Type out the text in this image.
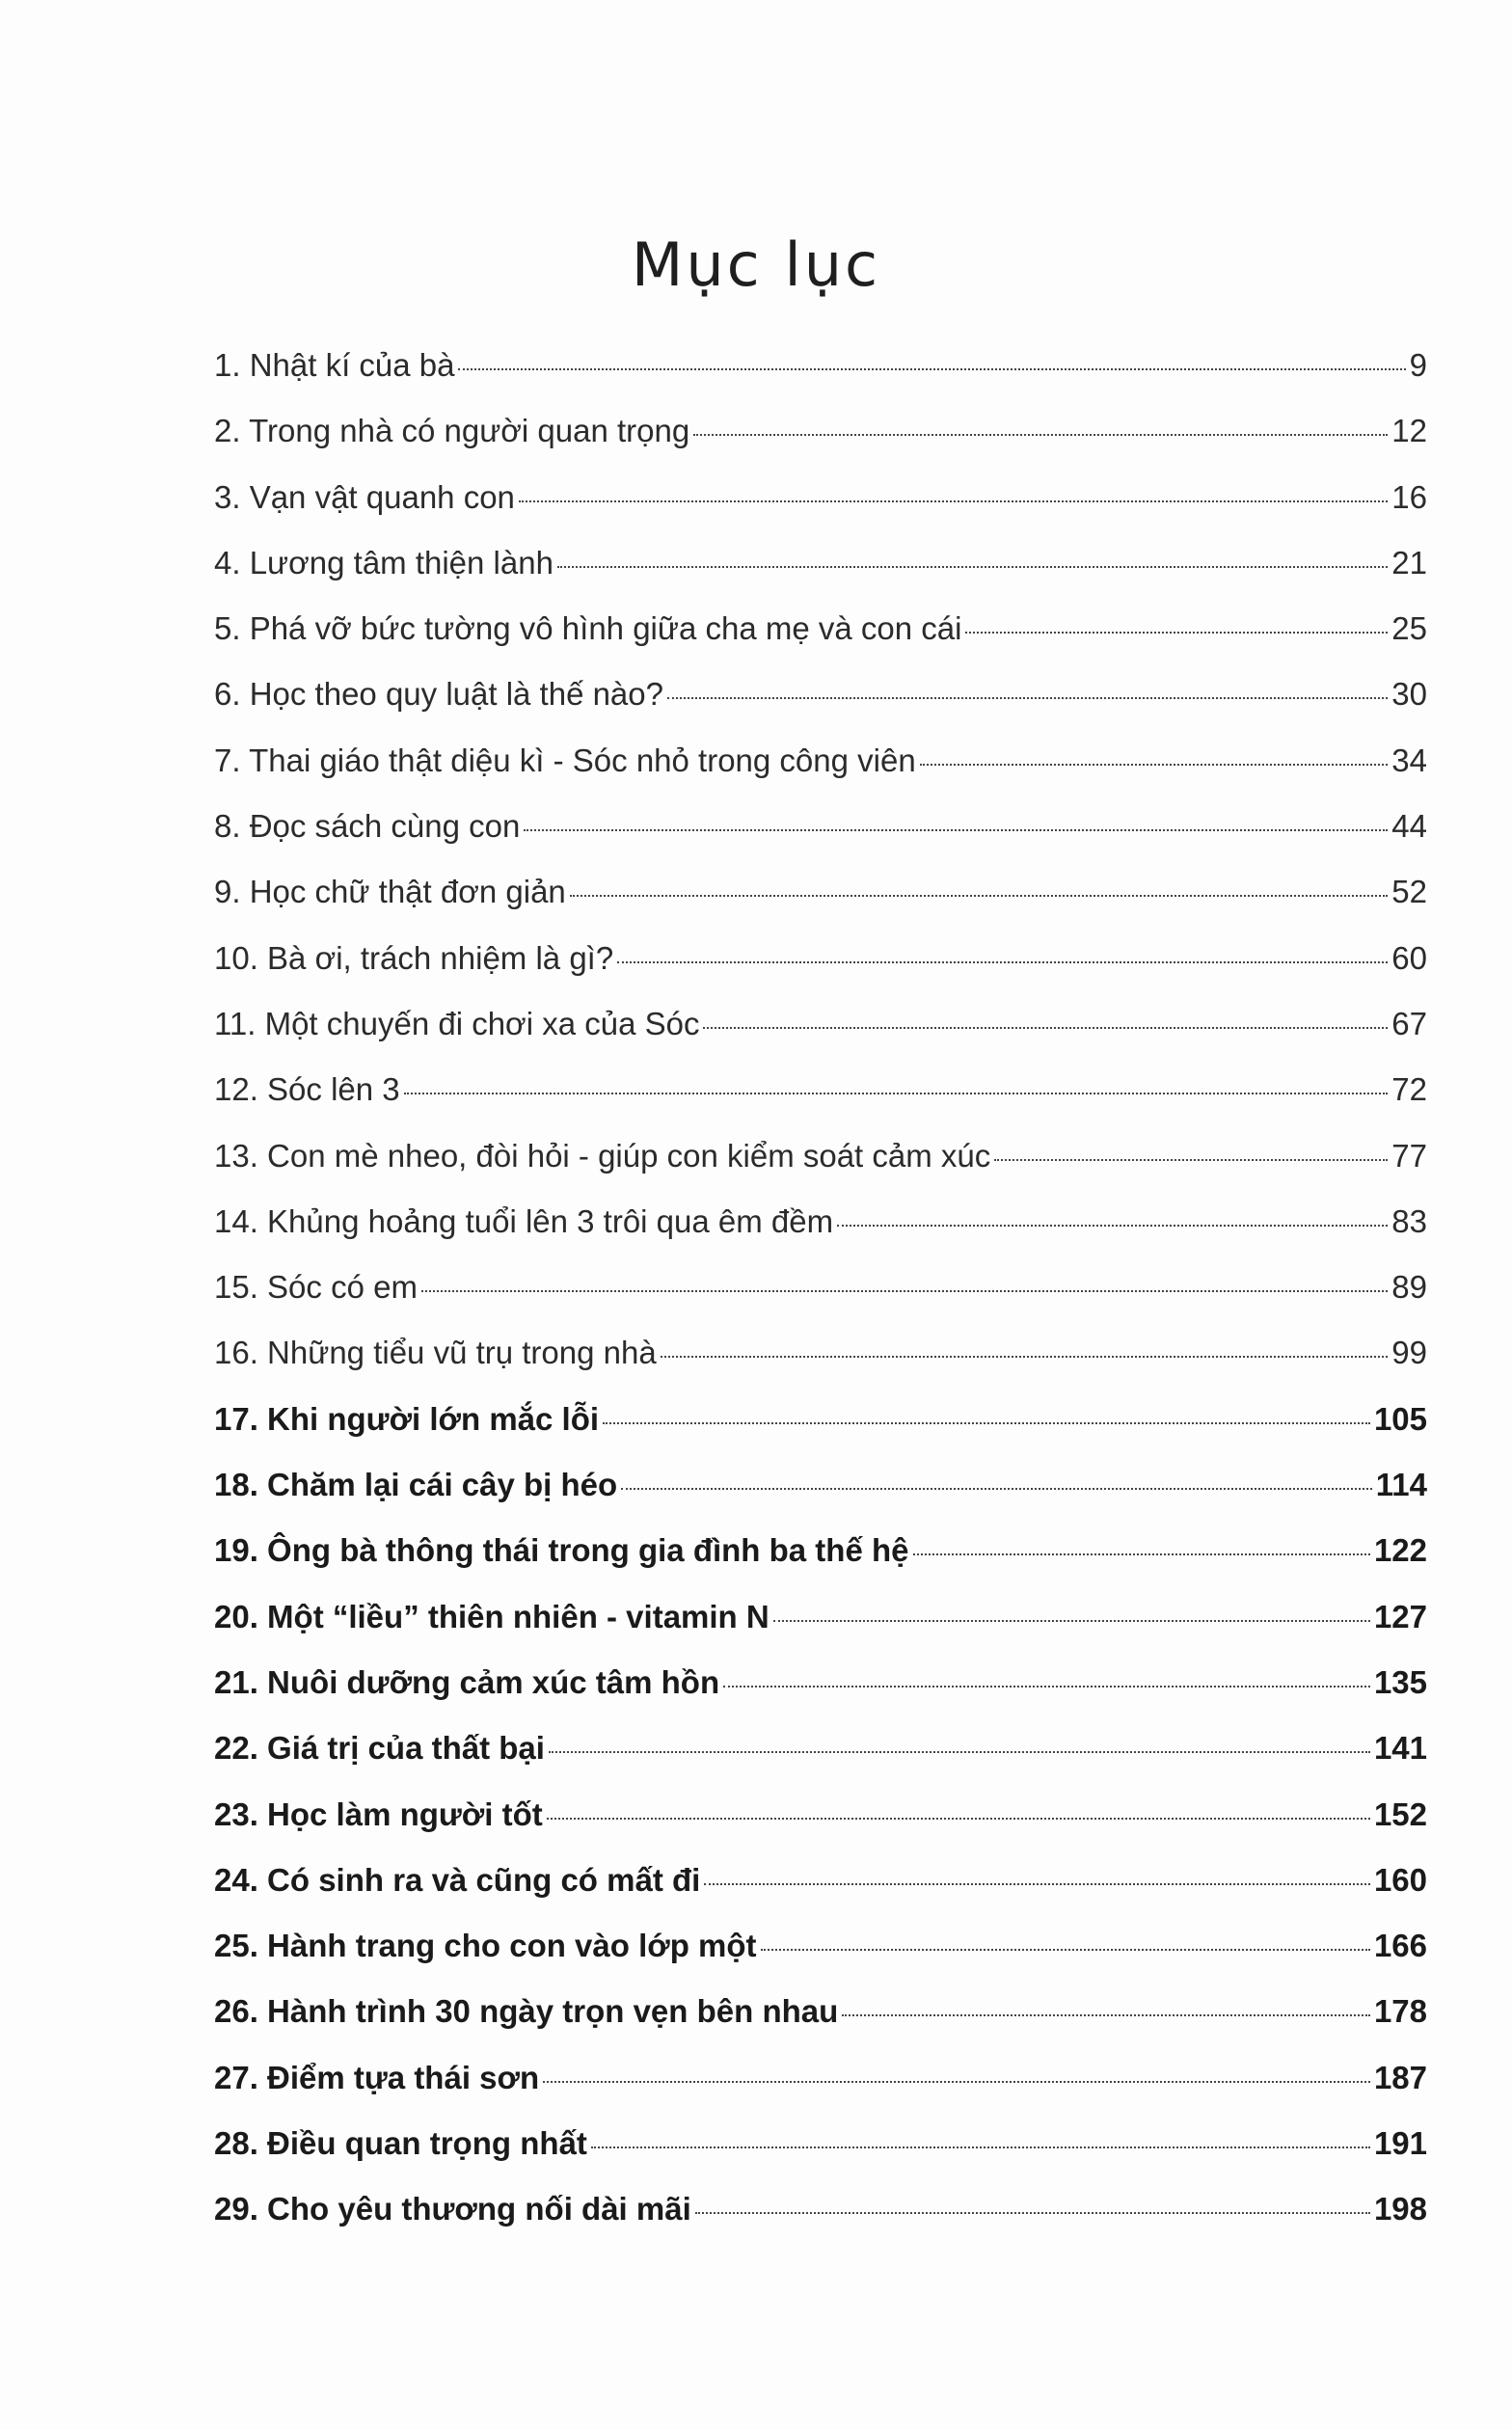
Mục lục
1. Nhật kí của bà	9
2. Trong nhà có người quan trọng	12
3. Vạn vật quanh con	16
4. Lương tâm thiện lành	21
5. Phá vỡ bức tường vô hình giữa cha mẹ và con cái	25
6. Học theo quy luật là thế nào?	30
7. Thai giáo thật diệu kì - Sóc nhỏ trong công viên	34
8. Đọc sách cùng con	44
9. Học chữ thật đơn giản	52
10. Bà ơi, trách nhiệm là gì?	60
11. Một chuyến đi chơi xa của Sóc	67
12. Sóc lên 3	72
13. Con mè nheo, đòi hỏi - giúp con kiểm soát cảm xúc	77
14. Khủng hoảng tuổi lên 3 trôi qua êm đềm	83
15. Sóc có em	89
16. Những tiểu vũ trụ trong nhà	99
17. Khi người lớn mắc lỗi	105
18. Chăm lại cái cây bị héo	114
19. Ông bà thông thái trong gia đình ba thế hệ	122
20. Một “liều” thiên nhiên - vitamin N	127
21. Nuôi dưỡng cảm xúc tâm hồn	135
22. Giá trị của thất bại	141
23. Học làm người tốt	152
24. Có sinh ra và cũng có mất đi	160
25. Hành trang cho con vào lớp một	166
26. Hành trình 30 ngày trọn vẹn bên nhau	178
27. Điểm tựa thái sơn	187
28. Điều quan trọng nhất	191
29. Cho yêu thương nối dài mãi	198
